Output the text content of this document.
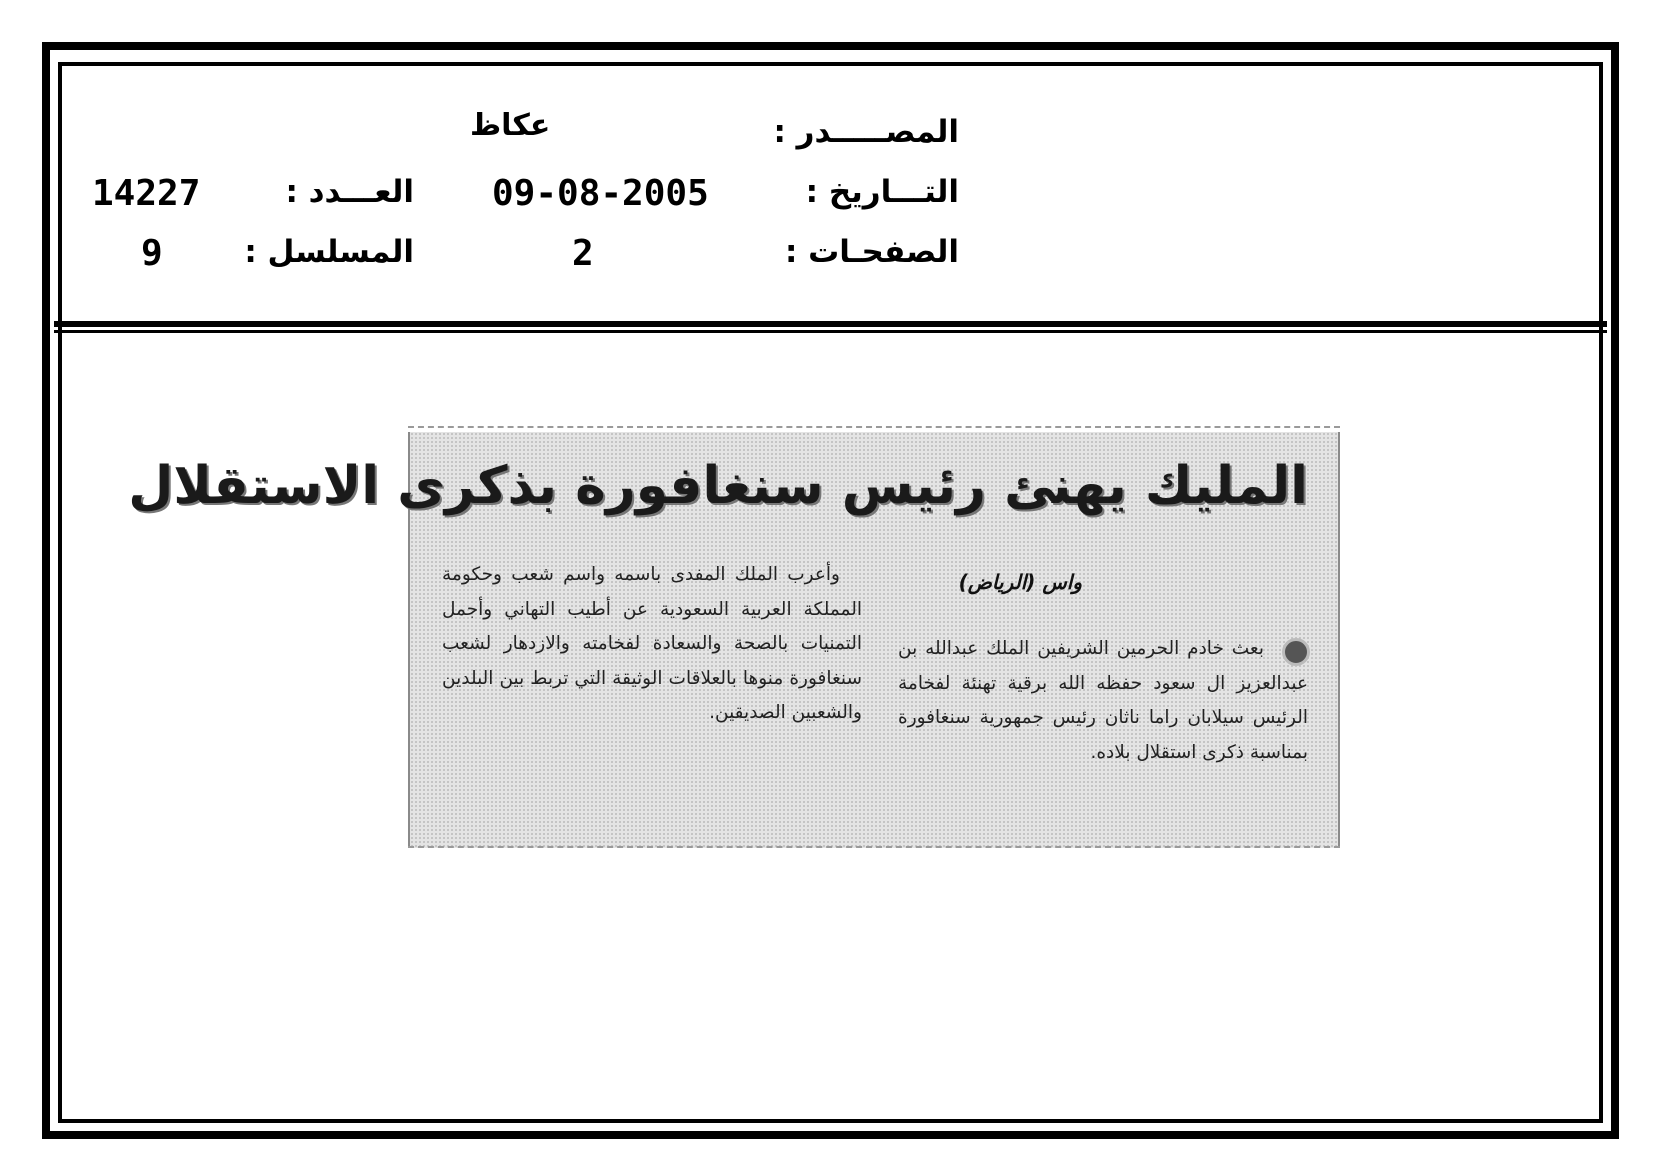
المصـــــدر :
عكاظ
التـــاريخ :
09-08-2005
العـــدد :
14227
الصفحـات :
2
المسلسل :
9
المليك يهنئ رئيس سنغافورة بذكرى الاستقلال
واس (الرياض)

بعث خادم الحرمين الشريفين الملك عبدالله بن عبدالعزيز ال سعود حفظه الله برقية تهنئة لفخامة الرئيس سيلابان راما ناثان رئيس جمهورية سنغافورة بمناسبة ذكرى استقلال بلاده.

وأعرب الملك المفدى باسمه واسم شعب وحكومة المملكة العربية السعودية عن أطيب التهاني وأجمل التمنيات بالصحة والسعادة لفخامته والازدهار لشعب سنغافورة منوها بالعلاقات الوثيقة التي تربط بين البلدين والشعبين الصديقين.
